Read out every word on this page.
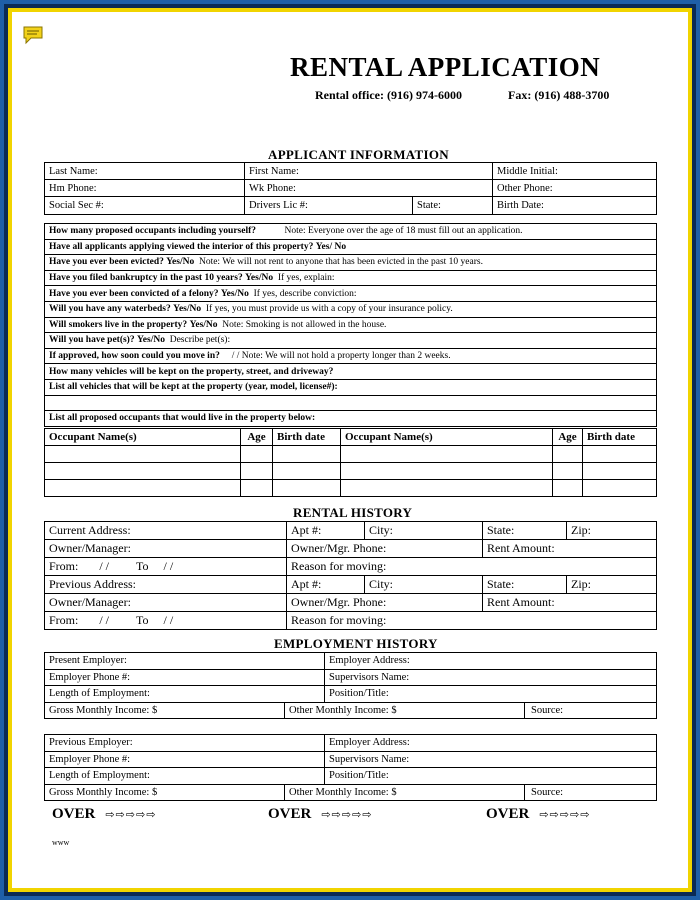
RENTAL APPLICATION
Rental office: (916) 974-6000	Fax: (916) 488-3700
APPLICANT INFORMATION
Last Name:	First Name:		Middle Initial:
Hm Phone:	Wk Phone:		Other Phone:
Social Sec #:	Drivers Lic #:	State:	Birth Date:
How many proposed occupants including yourself?	Note: Everyone over the age of 18 must fill out an application.
Have all applicants applying viewed the interior of this property? Yes/ No
Have you ever been evicted? Yes/No Note: We will not rent to anyone that has been evicted in the past 10 years.
Have you filed bankruptcy in the past 10 years? Yes/No If yes, explain:
Have you ever been convicted of a felony? Yes/No If yes, describe conviction:
Will you have any waterbeds? Yes/No If yes, you must provide us with a copy of your insurance policy.
Will smokers live in the property? Yes/No Note: Smoking is not allowed in the house.
Will you have pet(s)? Yes/No Describe pet(s):
If approved, how soon could you move in? / / Note: We will not hold a property longer than 2 weeks.
How many vehicles will be kept on the property, street, and driveway?
List all vehicles that will be kept at the property (year, model, license#):

List all proposed occupants that would live in the property below:
Occupant Name(s)	Age	Birth date	Occupant Name(s)	Age	Birth date

RENTAL HISTORY
Current Address:	Apt #:	City:	State:	Zip:
Owner/Manager:	Owner/Mgr. Phone:		Rent Amount:	
From: / / To / /	Reason for moving:			
Previous Address:	Apt #:	City:	State:	Zip:
Owner/Manager:	Owner/Mgr. Phone:		Rent Amount:	
From: / / To / /	Reason for moving:			
EMPLOYMENT HISTORY
Present Employer:		Employer Address:	
Employer Phone #:		Supervisors Name:	
Length of Employment:		Position/Title:	
Gross Monthly Income: $	Other Monthly Income: $		Source:
Previous Employer:		Employer Address:	
Employer Phone #:		Supervisors Name:	
Length of Employment:		Position/Title:	
Gross Monthly Income: $	Other Monthly Income: $		Source:
OVER ⇨⇨⇨⇨⇨	OVER ⇨⇨⇨⇨⇨	OVER ⇨⇨⇨⇨⇨
www
